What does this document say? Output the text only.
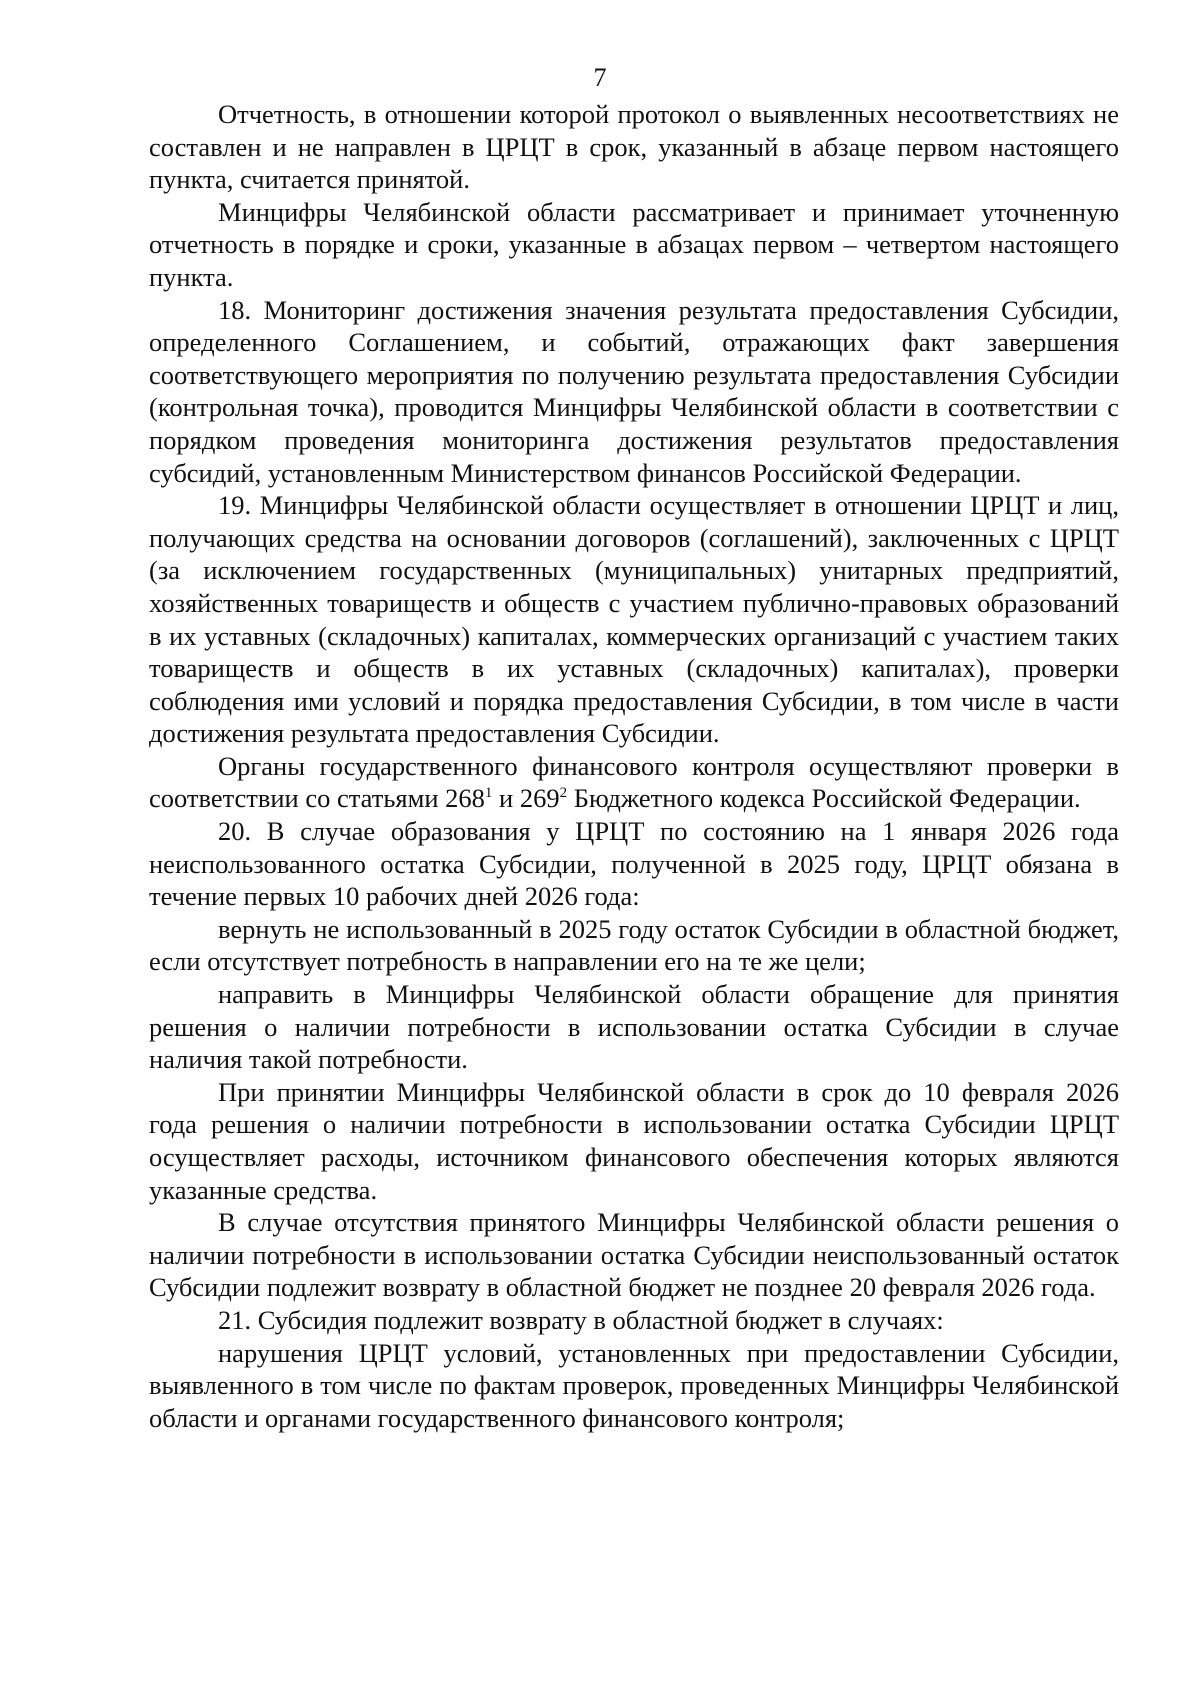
7

Отчетность, в отношении которой протокол о выявленных несоответствиях не составлен и не направлен в ЦРЦТ в срок, указанный в абзаце первом настоящего пункта, считается принятой.

Минцифры Челябинской области рассматривает и принимает уточненную отчетность в порядке и сроки, указанные в абзацах первом – четвертом настоящего пункта.

18. Мониторинг достижения значения результата предоставления Субсидии, определенного Соглашением, и событий, отражающих факт завершения соответствующего мероприятия по получению результата предоставления Субсидии (контрольная точка), проводится Минцифры Челябинской области в соответствии с порядком проведения мониторинга достижения результатов предоставления субсидий, установленным Министерством финансов Российской Федерации.

19. Минцифры Челябинской области осуществляет в отношении ЦРЦТ и лиц, получающих средства на основании договоров (соглашений), заключенных с ЦРЦТ (за исключением государственных (муниципальных) унитарных предприятий, хозяйственных товариществ и обществ с участием публично-правовых образований в их уставных (складочных) капиталах, коммерческих организаций с участием таких товариществ и обществ в их уставных (складочных) капиталах), проверки соблюдения ими условий и порядка предоставления Субсидии, в том числе в части достижения результата предоставления Субсидии.

Органы государственного финансового контроля осуществляют проверки в соответствии со статьями $268^1$ и $269^2$ Бюджетного кодекса Российской Федерации.

20. В случае образования у ЦРЦТ по состоянию на 1 января 2026 года неиспользованного остатка Субсидии, полученной в 2025 году, ЦРЦТ обязана в течение первых 10 рабочих дней 2026 года:

вернуть не использованный в 2025 году остаток Субсидии в областной бюджет, если отсутствует потребность в направлении его на те же цели;

направить в Минцифры Челябинской области обращение для принятия решения о наличии потребности в использовании остатка Субсидии в случае наличия такой потребности.

При принятии Минцифры Челябинской области в срок до 10 февраля 2026 года решения о наличии потребности в использовании остатка Субсидии ЦРЦТ осуществляет расходы, источником финансового обеспечения которых являются указанные средства.

В случае отсутствия принятого Минцифры Челябинской области решения о наличии потребности в использовании остатка Субсидии неиспользованный остаток Субсидии подлежит возврату в областной бюджет не позднее 20 февраля 2026 года.

21. Субсидия подлежит возврату в областной бюджет в случаях:

нарушения ЦРЦТ условий, установленных при предоставлении Субсидии, выявленного в том числе по фактам проверок, проведенных Минцифры Челябинской области и органами государственного финансового контроля;
